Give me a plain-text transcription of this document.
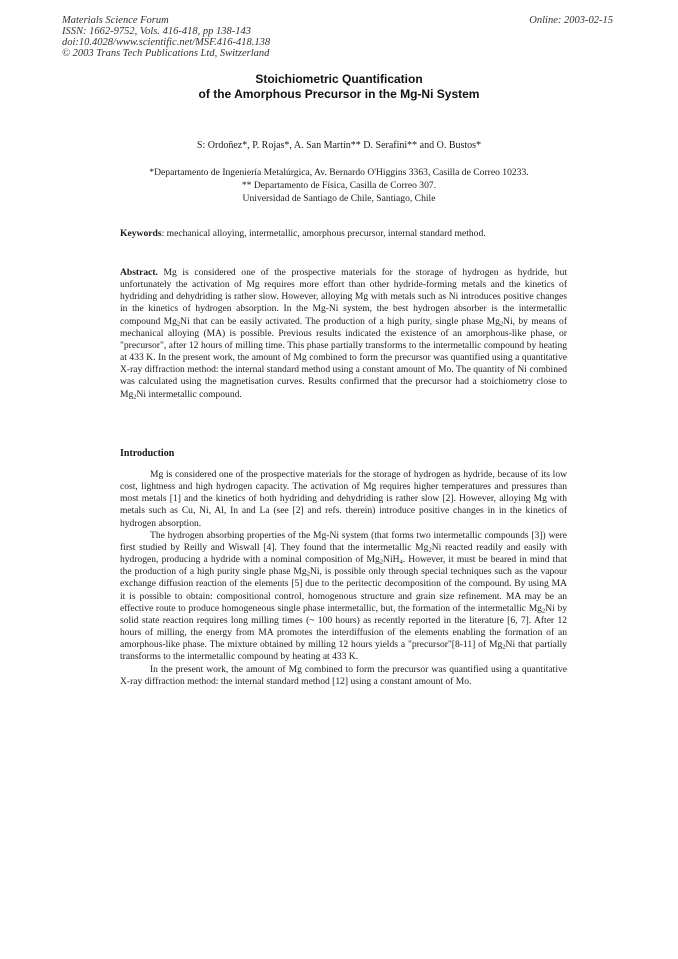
Materials Science Forum
ISSN: 1662-9752, Vols. 416-418, pp 138-143
doi:10.4028/www.scientific.net/MSF.416-418.138
© 2003 Trans Tech Publications Ltd, Switzerland
Online: 2003-02-15
Stoichiometric Quantification
of the Amorphous Precursor in the Mg-Ni System
S: Ordoñez*, P. Rojas*, A. San Martín** D. Serafini** and O. Bustos*
*Departamento de Ingeniería Metalúrgica, Av. Bernardo O'Higgins 3363, Casilla de Correo 10233.
** Departamento de Física, Casilla de Correo 307.
Universidad de Santiago de Chile, Santiago, Chile
Keywords: mechanical alloying, intermetallic, amorphous precursor, internal standard method.
Abstract. Mg is considered one of the prospective materials for the storage of hydrogen as hydride, but unfortunately the activation of Mg requires more effort than other hydride-forming metals and the kinetics of hydriding and dehydriding is rather slow. However, alloying Mg with metals such as Ni introduces positive changes in the kinetics of hydrogen absorption. In the Mg-Ni system, the best hydrogen absorber is the intermetallic compound $Mg_2Ni$ that can be easily activated. The production of a high purity, single phase $Mg_2Ni$, by means of mechanical alloying (MA) is possible. Previous results indicated the existence of an amorphous-like phase, or "precursor", after 12 hours of milling time. This phase partially transforms to the intermetallic compound by heating at 433 K. In the present work, the amount of Mg combined to form the precursor was quantified using a quantitative X-ray diffraction method: the internal standard method using a constant amount of Mo. The quantity of Ni combined was calculated using the magnetisation curves. Results confirmed that the precursor had a stoichiometry close to $Mg_2Ni$ intermetallic compound.
Introduction

Mg is considered one of the prospective materials for the storage of hydrogen as hydride, because of its low cost, lightness and high hydrogen capacity. The activation of Mg requires higher temperatures and pressures than most metals [1] and the kinetics of both hydriding and dehydriding is rather slow [2]. However, alloying Mg with metals such as Cu, Ni, Al, In and La (see [2] and refs. therein) introduce positive changes in in the kinetics of hydrogen absorption.

The hydrogen absorbing properties of the Mg-Ni system (that forms two intermetallic compounds [3]) were first studied by Reilly and Wiswall [4]. They found that the intermetallic $Mg_2Ni$ reacted readily and easily with hydrogen, producing a hydride with a nominal composition of $Mg_2NiH_4$. However, it must be beared in mind that the production of a high purity single phase $Mg_2Ni$, is possible only through special techniques such as the vapour exchange diffusion reaction of the elements [5] due to the peritectic decomposition of the compound. By using MA it is possible to obtain: compositional control, homogenous structure and grain size refinement. MA may be an effective route to produce homogeneous single phase intermetallic, but, the formation of the intermetallic $Mg_2Ni$ by solid state reaction requires long milling times (~ 100 hours) as recently reported in the literature [6, 7]. After 12 hours of milling, the energy from MA promotes the interdiffusion of the elements enabling the formation of an amorphous-like phase. The mixture obtained by milling 12 hours yields a "precursor"[8-11] of $Mg_2Ni$ that partially transforms to the intermetallic compound by heating at 433 K.

In the present work, the amount of Mg combined to form the precursor was quantified using a quantitative X-ray diffraction method: the internal standard method [12] using a constant amount of Mo.
